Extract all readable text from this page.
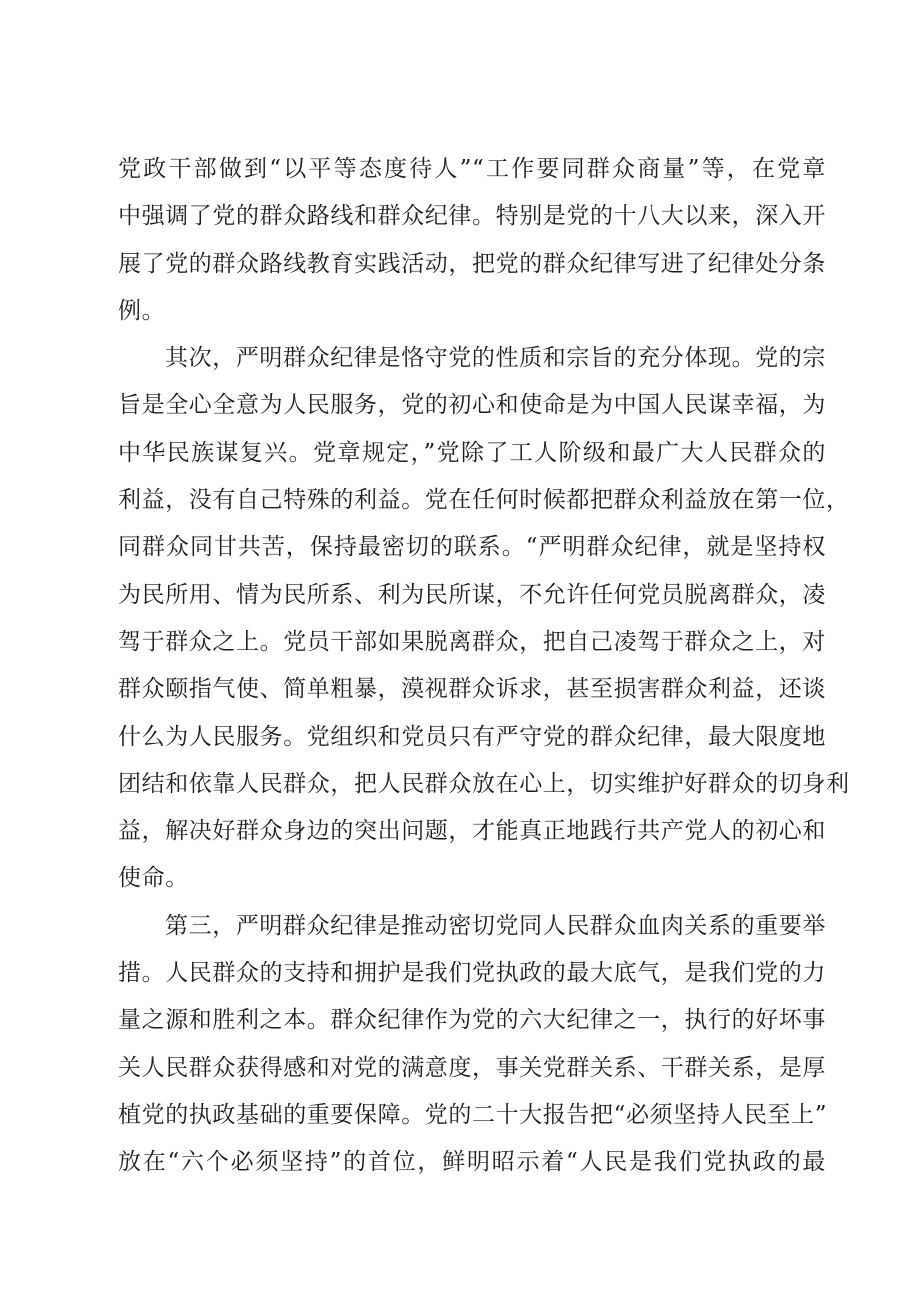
党政干部做到“以平等态度待人”“工作要同群众商量”等，在党章
中强调了党的群众路线和群众纪律。特别是党的十八大以来，深入开
展了党的群众路线教育实践活动，把党的群众纪律写进了纪律处分条
例。
其次，严明群众纪律是恪守党的性质和宗旨的充分体现。党的宗
旨是全心全意为人民服务，党的初心和使命是为中国人民谋幸福，为
中华民族谋复兴。党章规定，”党除了工人阶级和最广大人民群众的
利益，没有自己特殊的利益。党在任何时候都把群众利益放在第一位，
同群众同甘共苦，保持最密切的联系。“严明群众纪律，就是坚持权
为民所用、情为民所系、利为民所谋，不允许任何党员脱离群众，凌
驾于群众之上。党员干部如果脱离群众，把自己凌驾于群众之上，对
群众颐指气使、简单粗暴，漠视群众诉求，甚至损害群众利益，还谈
什么为人民服务。党组织和党员只有严守党的群众纪律，最大限度地
团结和依靠人民群众，把人民群众放在心上，切实维护好群众的切身利
益，解决好群众身边的突出问题，才能真正地践行共产党人的初心和
使命。
第三，严明群众纪律是推动密切党同人民群众血肉关系的重要举
措。人民群众的支持和拥护是我们党执政的最大底气，是我们党的力
量之源和胜利之本。群众纪律作为党的六大纪律之一，执行的好坏事
关人民群众获得感和对党的满意度，事关党群关系、干群关系，是厚
植党的执政基础的重要保障。党的二十大报告把“必须坚持人民至上”
放在“六个必须坚持”的首位，鲜明昭示着“人民是我们党执政的最
